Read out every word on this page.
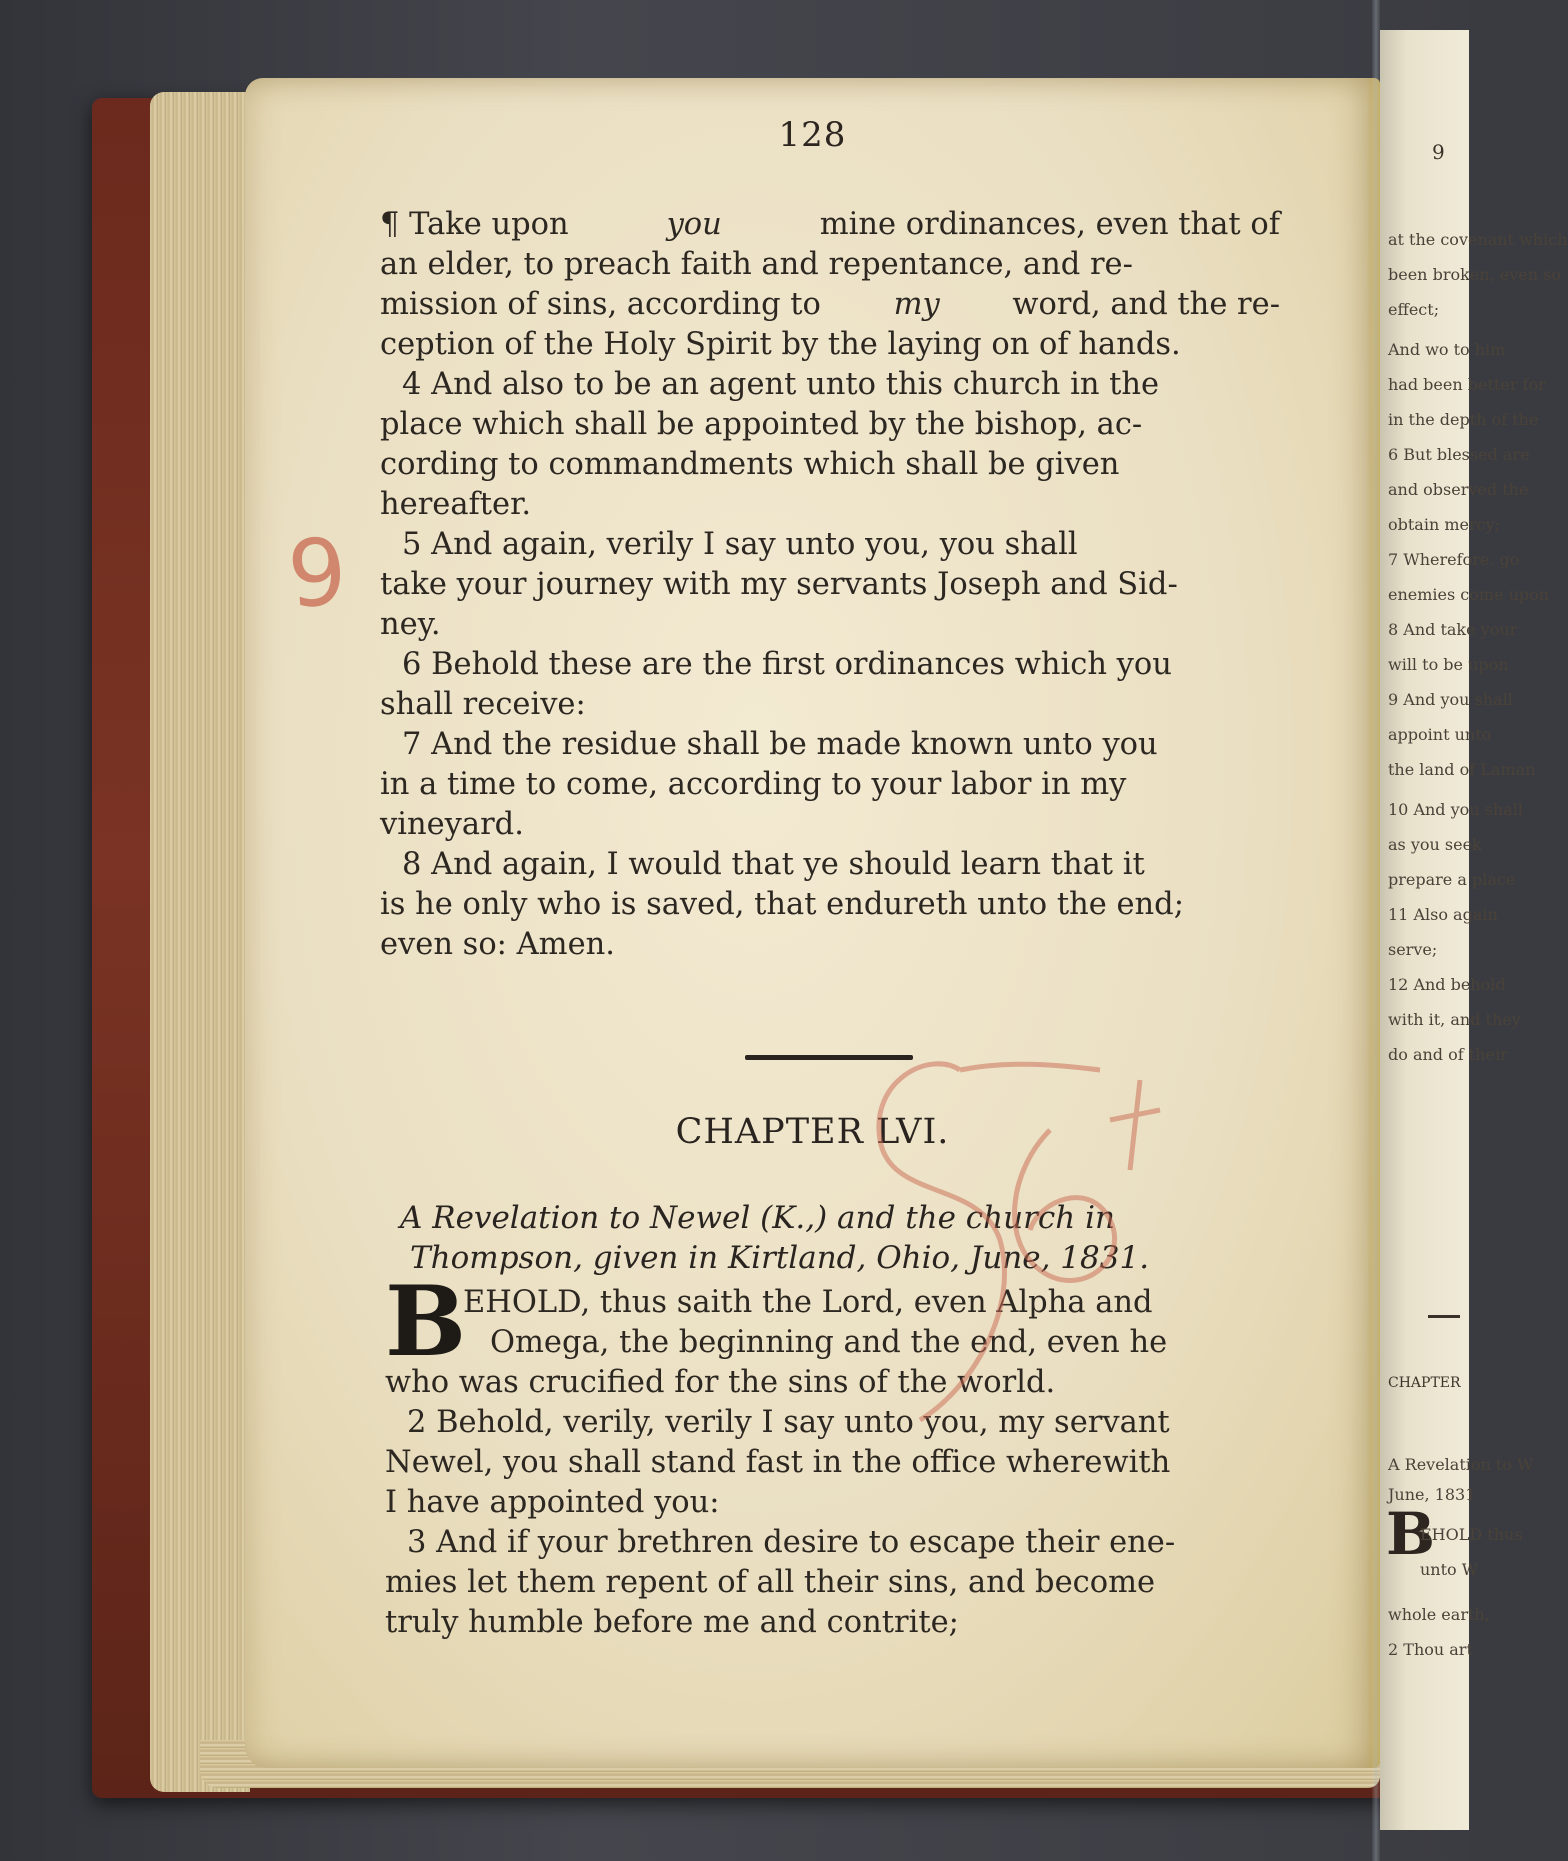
128
9
¶ Take upon	you	mine ordinances, even that of
an elder, to preach faith and repentance, and re-
mission of sins, according to my word, and the re-
ception of the Holy Spirit by the laying on of hands.
4 And also to be an agent unto this church in the
place which shall be appointed by the bishop, ac-
cording to commandments which shall be given
hereafter.
5 And again, verily I say unto you, you shall
take your journey with my servants Joseph and Sid-
ney.
6 Behold these are the first ordinances which you
shall receive:
7 And the residue shall be made known unto you
in a time to come, according to your labor in my
vineyard.
8 And again, I would that ye should learn that it
is he only who is saved, that endureth unto the end;
even so: Amen.
CHAPTER LVI.
A Revelation to Newel (K.,) and the church in
Thompson, given in Kirtland, Ohio, June, 1831.
B
EHOLD, thus saith the Lord, even Alpha and
Omega, the beginning and the end, even he
who was crucified for the sins of the world.
2 Behold, verily, verily I say unto you, my servant
Newel, you shall stand fast in the office wherewith
I have appointed you:
3 And if your brethren desire to escape their ene-
mies let them repent of all their sins, and become
truly humble before me and contrite;
9
at the covenant which
been broken, even so
effect;
And wo to him
had been better for
in the depth of the
6 But blessed are
and observed the
obtain mercy;
7 Wherefore, go
enemies come upon
8 And take your
will to be upon
9 And you shall
appoint unto
the land of Laman
10 And you shall
as you seek
prepare a place
11 Also again
serve;
12 And behold
with it, and they
do and of their
CHAPTER
A Revelation to W
June, 1831
B
EHOLD thus
unto W
whole earth,
2 Thou art
